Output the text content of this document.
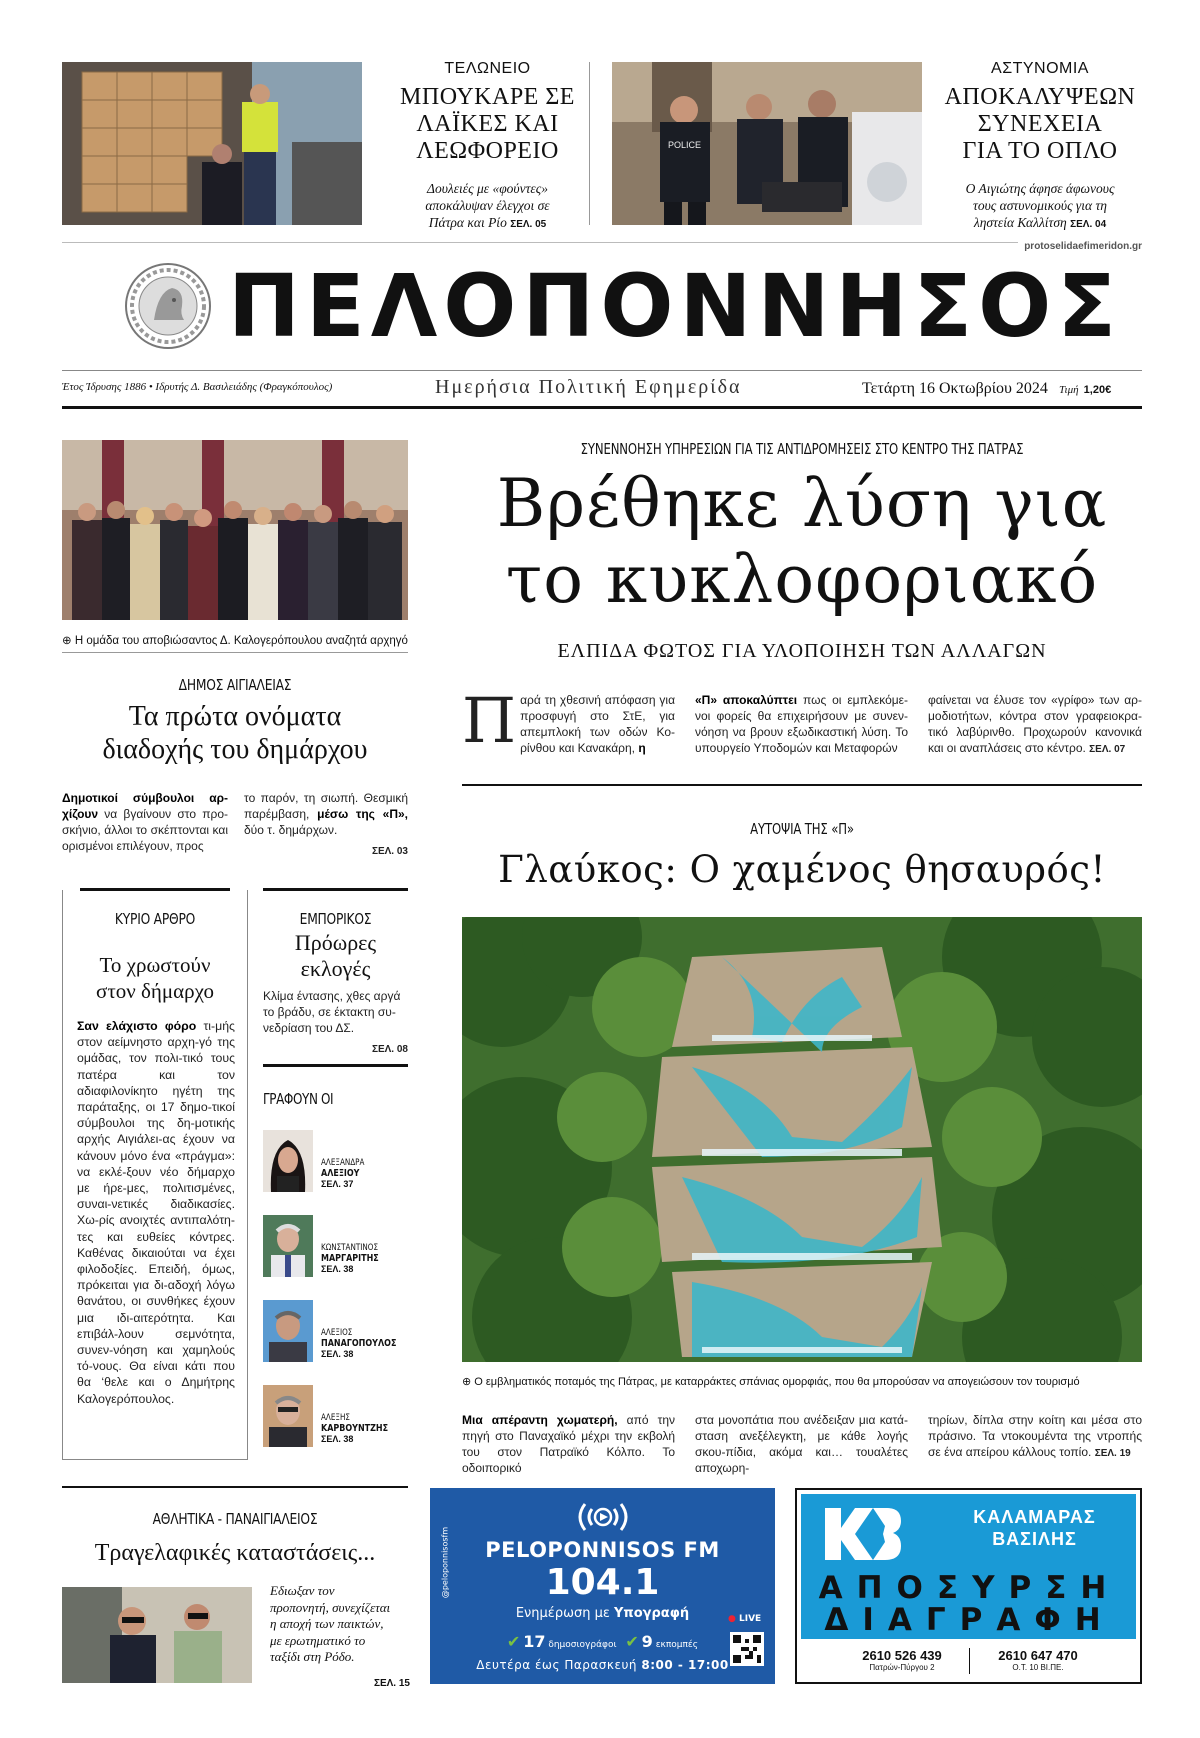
ΤΕΛΩΝΕΙΟ
ΜΠΟΥΚΑΡΕ ΣΕ
ΛΑΪΚΕΣ ΚΑΙ
ΛΕΩΦΟΡΕΙΟ
Δουλειές με «φούντες»
αποκάλυψαν έλεγχοι σε
Πάτρα και Ρίο ΣΕΛ. 05
POLICE
ΑΣΤΥΝΟΜΙΑ
ΑΠΟΚΑΛΥΨΕΩΝ
ΣΥΝΕΧΕΙΑ
ΓΙΑ ΤΟ ΟΠΛΟ
Ο Αιγιώτης άφησε άφωνους
τους αστυνομικούς για τη
ληστεία Καλλίτση ΣΕΛ. 04
protoselidaefimeridon.gr
ΠΕΛΟΠΟΝΝΗΣΟΣ
Έτος Ίδρυσης 1886 • Ιδρυτής Δ. Βασιλειάδης (Φραγκόπουλος)	Ημερήσια Πολιτική Εφημερίδα	Τετάρτη 16 Οκτωβρίου 2024 Τιμή 1,20€
⊕ Η ομάδα του αποβιώσαντος Δ. Καλογερόπουλου αναζητά αρχηγό
ΔΗΜΟΣ ΑΙΓΙΑΛΕΙΑΣ
Τα πρώτα ονόματα
διαδοχής του δημάρχου
Δημοτικοί σύμβουλοι αρ-χίζουν να βγαίνουν στο προ-σκήνιο, άλλοι το σκέπτονται και ορισμένοι επιλέγουν, προς
το παρόν, τη σιωπή. Θεσμική παρέμβαση, μέσω της «Π», δύο τ. δημάρχων.
ΣΕΛ. 03
ΚΥΡΙΟ ΑΡΘΡΟ
Το χρωστούν
στον δήμαρχο
Σαν ελάχιστο φόρο τι-μής στον αείμνηστο αρχη-γό της ομάδας, τον πολι-τικό τους πατέρα και τον αδιαφιλονίκητο ηγέτη της παράταξης, οι 17 δημο-τικοί σύμβουλοι της δη-μοτικής αρχής Αιγιάλει-ας έχουν να κάνουν μόνο ένα «πράγμα»: να εκλέ-ξουν νέο δήμαρχο με ήρε-μες, πολιτισμένες, συναι-νετικές διαδικασίες. Χω-ρίς ανοιχτές αντιπαλότη-τες και ευθείες κόντρες. Καθένας δικαιούται να έχει φιλοδοξίες. Επειδή, όμως, πρόκειται για δι-αδοχή λόγω θανάτου, οι συνθήκες έχουν μια ιδι-αιτερότητα. Και επιβάλ-λουν σεμνότητα, συνεν-νόηση και χαμηλούς τό-νους. Θα είναι κάτι που θα ‘θελε και ο Δημήτρης Καλογερόπουλος.
ΕΜΠΟΡΙΚΟΣ
Πρόωρες
εκλογές
Κλίμα έντασης, χθες αργά το βράδυ, σε έκτακτη συ-νεδρίαση του ΔΣ.
ΣΕΛ. 08
ΓΡΑΦΟΥΝ ΟΙ
ΑΛΕΞΑΝΔΡΑ
ΑΛΕΞΙΟΥ
ΣΕΛ. 37
ΚΩΝΣΤΑΝΤΙΝΟΣ
ΜΑΡΓΑΡΙΤΗΣ
ΣΕΛ. 38
ΑΛΕΞΙΟΣ
ΠΑΝΑΓΟΠΟΥΛΟΣ
ΣΕΛ. 38
ΑΛΕΞΗΣ
ΚΑΡΒΟΥΝΤΖΗΣ
ΣΕΛ. 38
ΣΥΝΕΝΝΟΗΣΗ ΥΠΗΡΕΣΙΩΝ ΓΙΑ ΤΙΣ ΑΝΤΙΔΡΟΜΗΣΕΙΣ ΣΤΟ ΚΕΝΤΡΟ ΤΗΣ ΠΑΤΡΑΣ
Βρέθηκε λύση για
το κυκλοφοριακό
ΕΛΠΙΔΑ ΦΩΤΟΣ ΓΙΑ ΥΛΟΠΟΙΗΣΗ ΤΩΝ ΑΛΛΑΓΩΝ
Π αρά τη χθεσινή απόφαση για προσφυγή στο ΣτΕ, για απεμπλοκή των οδών Κο-ρίνθου και Κανακάρη, η
«Π» αποκαλύπτει πως οι εμπλεκόμε-νοι φορείς θα επιχειρήσουν με συνεν-νόηση να βρουν εξωδικαστική λύση. Το υπουργείο Υποδομών και Μεταφορών
φαίνεται να έλυσε τον «γρίφο» των αρ-μοδιοτήτων, κόντρα στον γραφειοκρα-τικό λαβύρινθο. Προχωρούν κανονικά και οι αναπλάσεις στο κέντρο. ΣΕΛ. 07
ΑΥΤΟΨΙΑ ΤΗΣ «Π»
Γλαύκος: Ο χαμένος θησαυρός!
⊕ Ο εμβληματικός ποταμός της Πάτρας, με καταρράκτες σπάνιας ομορφιάς, που θα μπορούσαν να απογειώσουν τον τουρισμό
Μια απέραντη χωματερή, από την πηγή στο Παναχαϊκό μέχρι την εκβολή του στον Πατραϊκό Κόλπο. Το οδοιπορικό
στα μονοπάτια που ανέδειξαν μια κατά-σταση ανεξέλεγκτη, με κάθε λογής σκου-πίδια, ακόμα και… τουαλέτες αποχωρη-
τηρίων, δίπλα στην κοίτη και μέσα στο πράσινο. Τα ντοκουμέντα της ντροπής σε ένα απείρου κάλλους τοπίο. ΣΕΛ. 19
ΑΘΛΗΤΙΚΑ - ΠΑΝΑΙΓΙΑΛΕΙΟΣ
Τραγελαφικές καταστάσεις...
Εδιωξαν τον
προπονητή, συνεχίζεται
η αποχή των παικτών,
με ερωτηματικό το
ταξίδι στη Ρόδο.
ΣΕΛ. 15
PELOPONNISOS FM
104.1
Ενημέρωση με Υπογραφή
✔ 17 δημοσιογράφοι ✔ 9 εκπομπές
Δευτέρα έως Παρασκευή 8:00 - 17:00
● LIVE
@peloponnisosfm
ΚΑΛΑΜΑΡΑΣ
ΒΑΣΙΛΗΣ
ΑΠΟΣΥΡΣΗ
ΔΙΑΓΡΑΦΗ
2610 526 439
Πατρών-Πύργου 2
2610 647 470
Ο.Τ. 10 ΒΙ.ΠΕ.
